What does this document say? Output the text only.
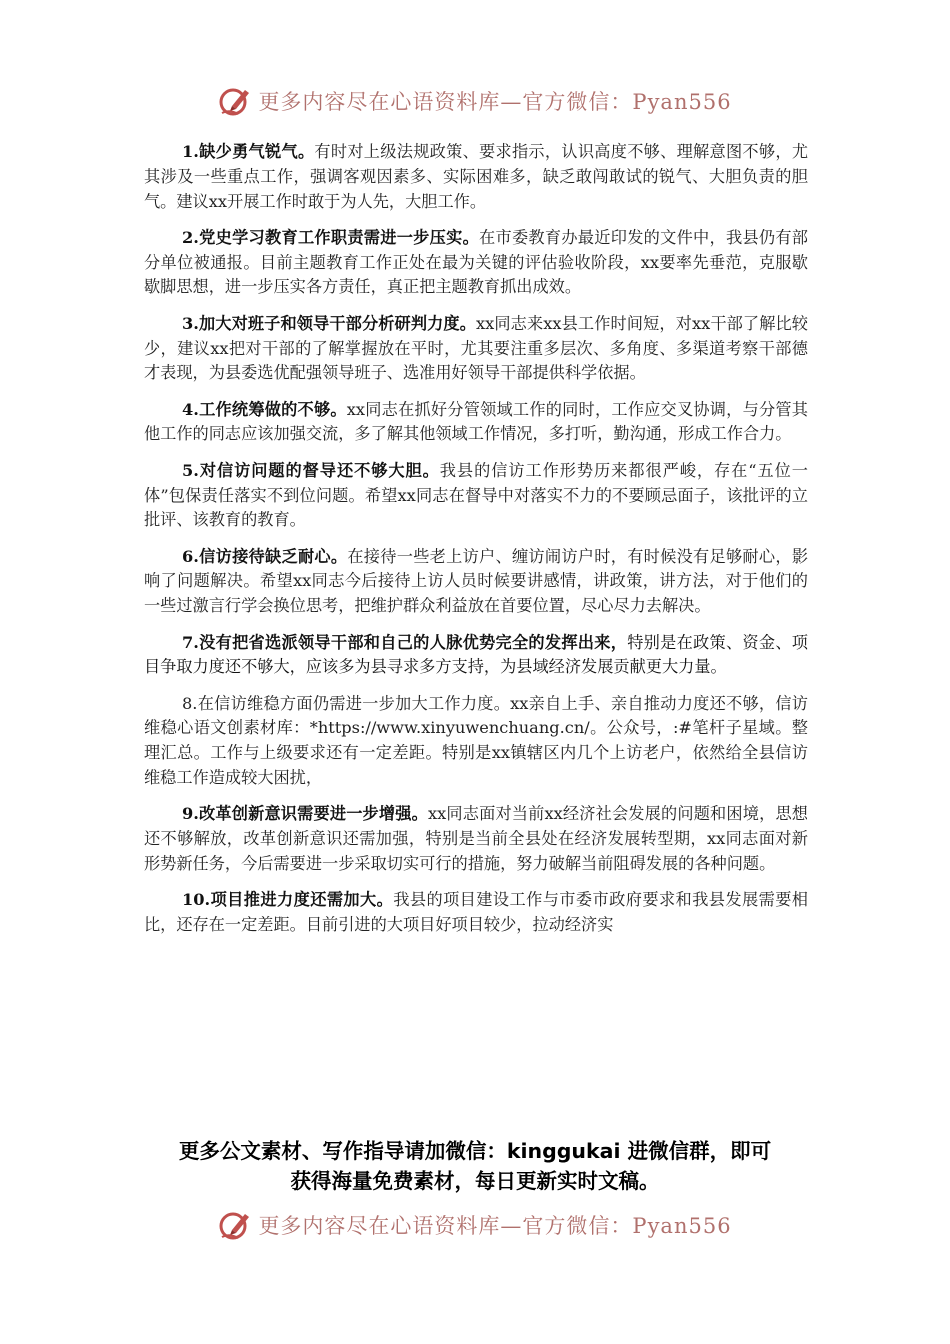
更多内容尽在心语资料库—官方微信：Pyan556

1.缺少勇气锐气。有时对上级法规政策、要求指示，认识高度不够、理解意图不够，尤其涉及一些重点工作，强调客观因素多、实际困难多，缺乏敢闯敢试的锐气、大胆负责的胆气。建议xx开展工作时敢于为人先，大胆工作。

2.党史学习教育工作职责需进一步压实。在市委教育办最近印发的文件中，我县仍有部分单位被通报。目前主题教育工作正处在最为关键的评估验收阶段，xx要率先垂范，克服歇歇脚思想，进一步压实各方责任，真正把主题教育抓出成效。

3.加大对班子和领导干部分析研判力度。xx同志来xx县工作时间短，对xx干部了解比较少，建议xx把对干部的了解掌握放在平时，尤其要注重多层次、多角度、多渠道考察干部德才表现，为县委选优配强领导班子、选准用好领导干部提供科学依据。

4.工作统筹做的不够。xx同志在抓好分管领域工作的同时，工作应交叉协调，与分管其他工作的同志应该加强交流，多了解其他领域工作情况，多打听，勤沟通，形成工作合力。

5.对信访问题的督导还不够大胆。我县的信访工作形势历来都很严峻，存在“五位一体”包保责任落实不到位问题。希望xx同志在督导中对落实不力的不要顾忌面子，该批评的立批评、该教育的教育。

6.信访接待缺乏耐心。在接待一些老上访户、缠访闹访户时，有时候没有足够耐心，影响了问题解决。希望xx同志今后接待上访人员时候要讲感情，讲政策，讲方法，对于他们的一些过激言行学会换位思考，把维护群众利益放在首要位置，尽心尽力去解决。

7.没有把省选派领导干部和自己的人脉优势完全的发挥出来，特别是在政策、资金、项目争取力度还不够大，应该多为县寻求多方支持，为县域经济发展贡献更大力量。

8.在信访维稳方面仍需进一步加大工作力度。xx亲自上手、亲自推动力度还不够，信访维稳心语文创素材库：*https://www.xinyuwenchuang.cn/。公众号，:#笔杆子星域。整理汇总。工作与上级要求还有一定差距。特别是xx镇辖区内几个上访老户，依然给全县信访维稳工作造成较大困扰，

9.改革创新意识需要进一步增强。xx同志面对当前xx经济社会发展的问题和困境，思想还不够解放，改革创新意识还需加强，特别是当前全县处在经济发展转型期，xx同志面对新形势新任务，今后需要进一步采取切实可行的措施，努力破解当前阻碍发展的各种问题。

10.项目推进力度还需加大。我县的项目建设工作与市委市政府要求和我县发展需要相比，还存在一定差距。目前引进的大项目好项目较少，拉动经济实

更多公文素材、写作指导请加微信：kinggukai 进微信群，即可
获得海量免费素材，每日更新实时文稿。
更多内容尽在心语资料库—官方微信：Pyan556
